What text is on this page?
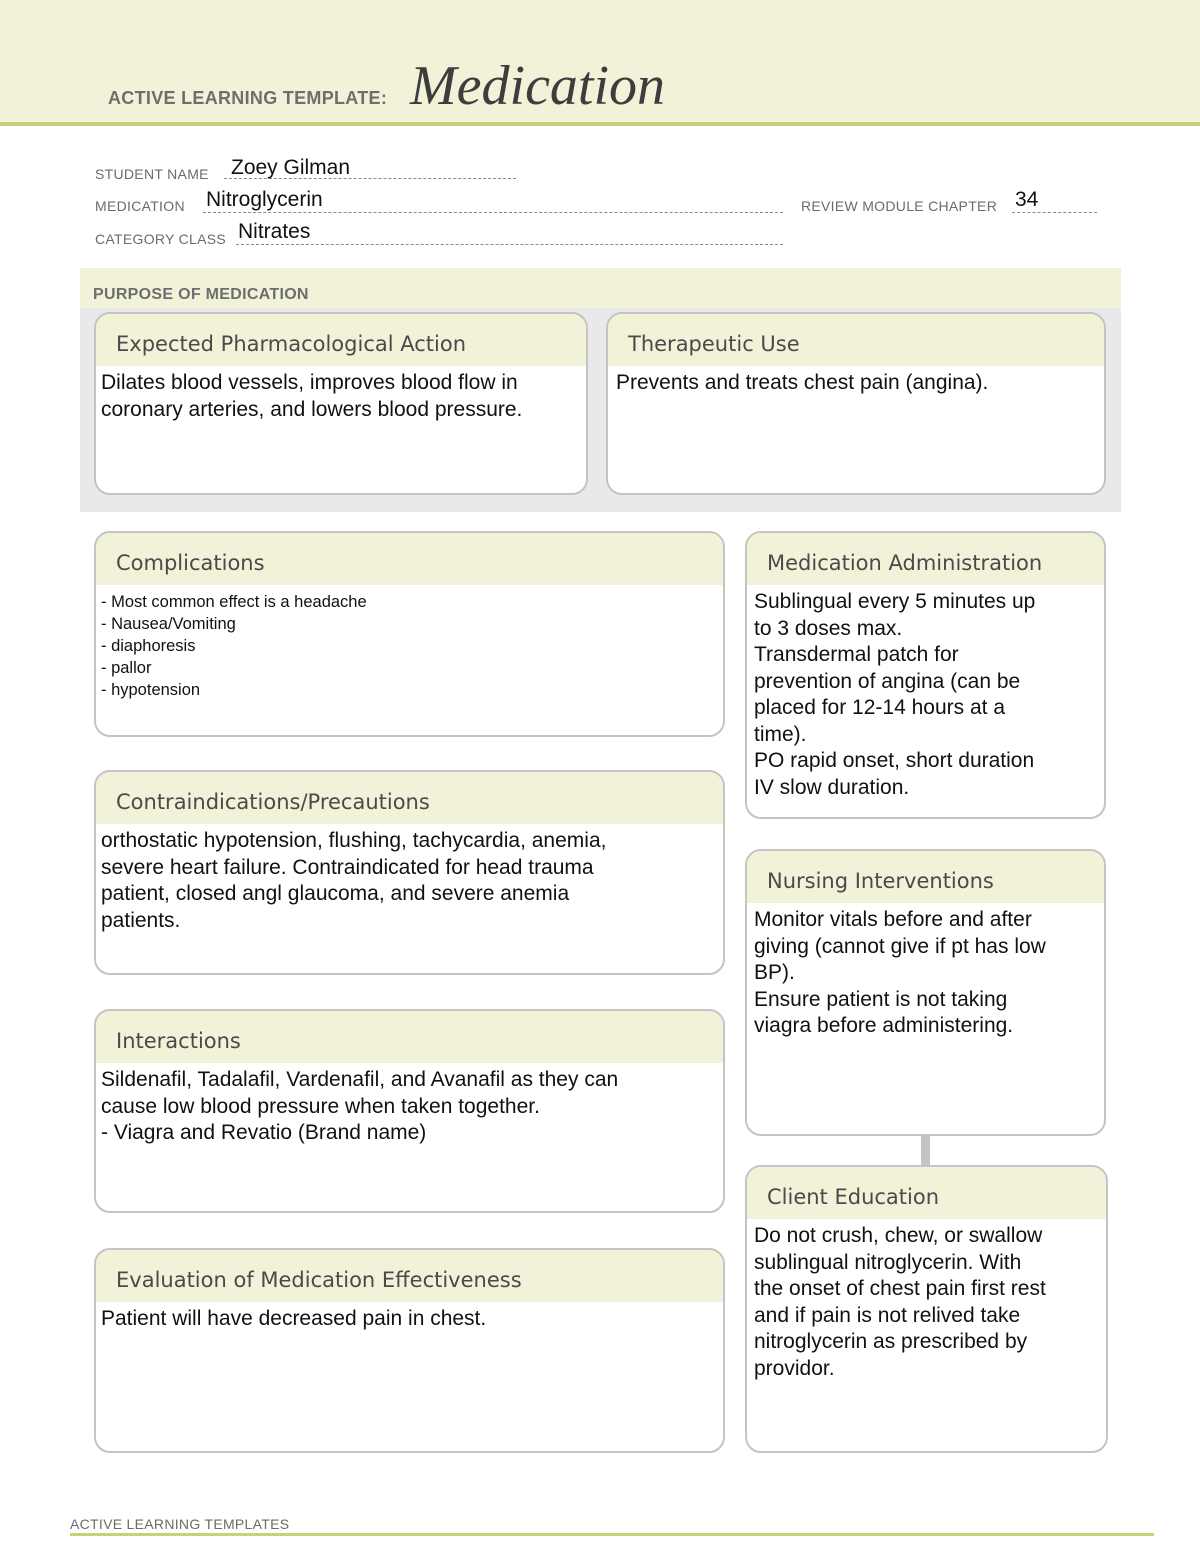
ACTIVE LEARNING TEMPLATE: Medication
STUDENT NAME Zoey Gilman
MEDICATION Nitroglycerin	REVIEW MODULE CHAPTER 34
CATEGORY CLASS Nitrates
PURPOSE OF MEDICATION
Expected Pharmacological Action
Dilates blood vessels, improves blood flow in
coronary arteries, and lowers blood pressure.
Therapeutic Use
Prevents and treats chest pain (angina).
Complications
- Most common effect is a headache
- Nausea/Vomiting
- diaphoresis
- pallor
- hypotension
Contraindications/Precautions
orthostatic hypotension, flushing, tachycardia, anemia,
severe heart failure. Contraindicated for head trauma
patient, closed angl glaucoma, and severe anemia
patients.
Interactions
Sildenafil, Tadalafil, Vardenafil, and Avanafil as they can
cause low blood pressure when taken together.
- Viagra and Revatio (Brand name)
Evaluation of Medication Effectiveness
Patient will have decreased pain in chest.
Medication Administration
Sublingual every 5 minutes up
to 3 doses max.
Transdermal patch for
prevention of angina (can be
placed for 12-14 hours at a
time).
PO rapid onset, short duration
IV slow duration.
Nursing Interventions
Monitor vitals before and after
giving (cannot give if pt has low
BP).
Ensure patient is not taking
viagra before administering.
Client Education
Do not crush, chew, or swallow
sublingual nitroglycerin. With
the onset of chest pain first rest
and if pain is not relived take
nitroglycerin as prescribed by
providor.
ACTIVE LEARNING TEMPLATES
